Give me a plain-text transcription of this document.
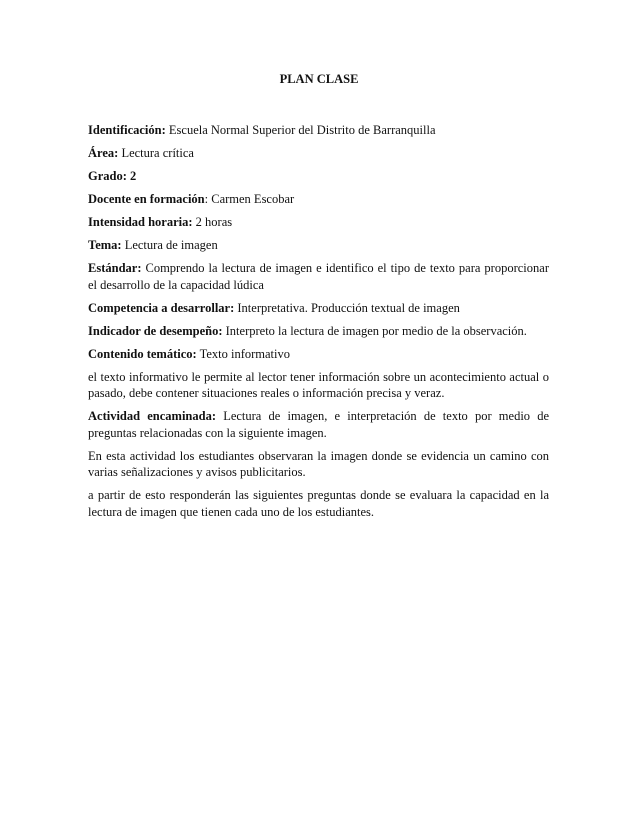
PLAN CLASE

Identificación: Escuela Normal Superior del Distrito de Barranquilla

Área: Lectura crítica

Grado: 2

Docente en formación: Carmen Escobar

Intensidad horaria: 2 horas

Tema: Lectura de imagen

Estándar: Comprendo la lectura de imagen e identifico el tipo de texto para proporcionar el desarrollo de la capacidad lúdica

Competencia a desarrollar: Interpretativa. Producción textual de imagen

Indicador de desempeño: Interpreto la lectura de imagen por medio de la observación.

Contenido temático: Texto informativo

el texto informativo le permite al lector tener información sobre un acontecimiento actual o pasado, debe contener situaciones reales o información precisa y veraz.

Actividad encaminada: Lectura de imagen, e interpretación de texto por medio de preguntas relacionadas con la siguiente imagen.

En esta actividad los estudiantes observaran la imagen donde se evidencia un camino con varias señalizaciones y avisos publicitarios.

a partir de esto responderán las siguientes preguntas donde se evaluara la capacidad en la lectura de imagen que tienen cada uno de los estudiantes.
